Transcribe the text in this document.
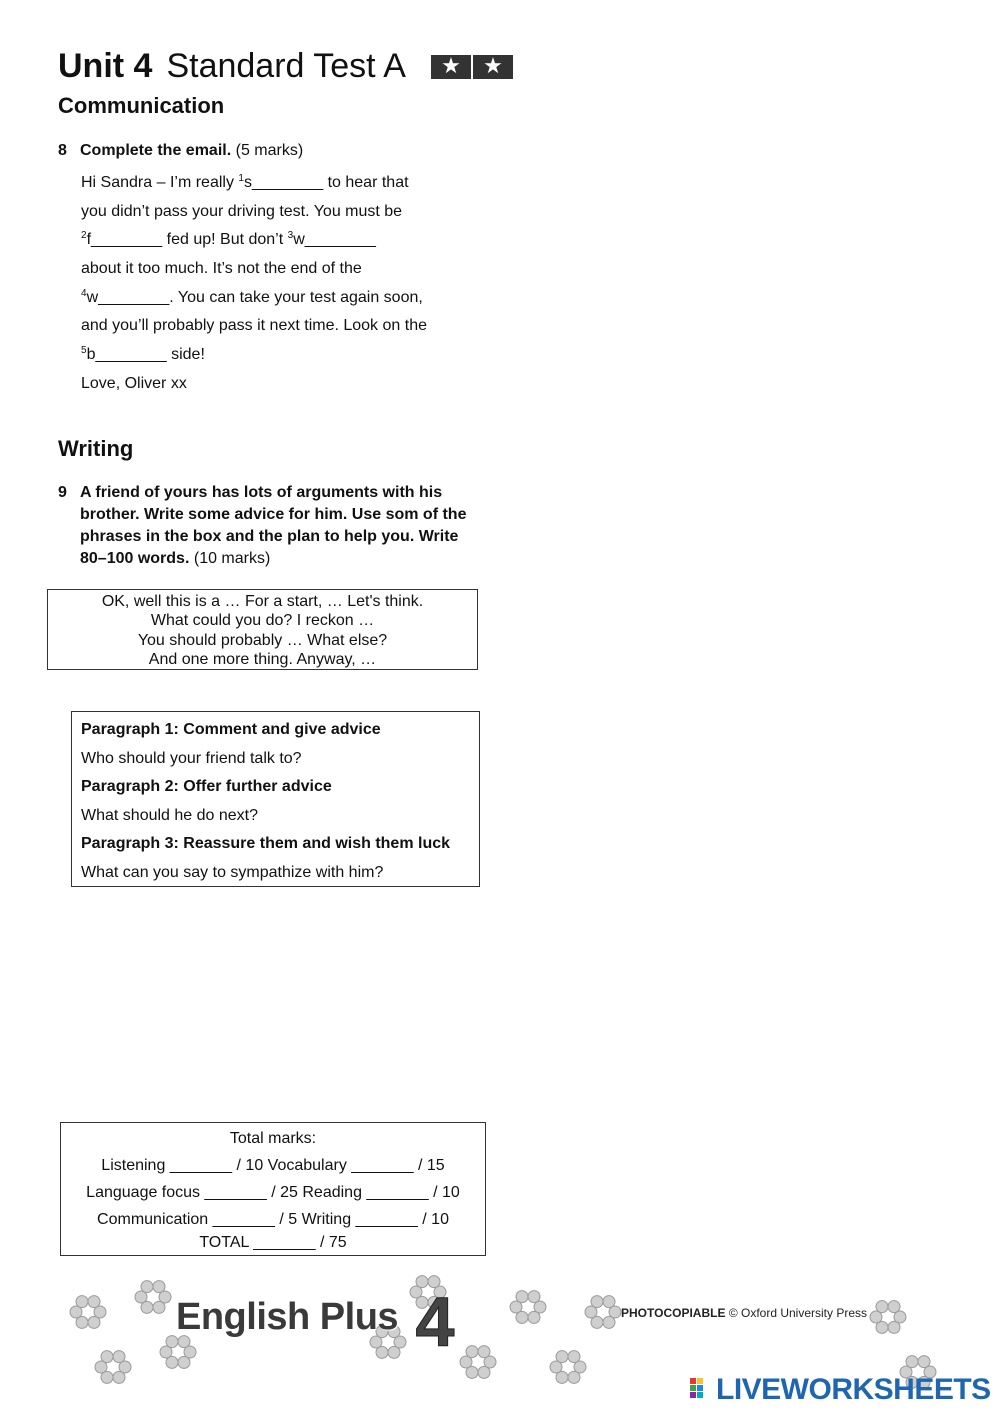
Unit 4 Standard Test A	★	★
Communication
8 Complete the email. (5 marks)
Hi Sandra – I’m really $^1$s________ to hear that
you didn’t pass your driving test. You must be
$^2$f________ fed up! But don’t $^3$w________
about it too much. It’s not the end of the
$^4$w________. You can take your test again soon,
and you’ll probably pass it next time. Look on the
$^5$b________ side!
Love, Oliver xx
Writing
9 A friend of yours has lots of arguments with his brother. Write some advice for him. Use som of the phrases in the box and the plan to help you. Write 80–100 words. (10 marks)
OK, well this is a … For a start, … Let's think.
What could you do? I reckon …
You should probably … What else?
And one more thing. Anyway, …
Paragraph 1: Comment and give advice
Who should your friend talk to?
Paragraph 2: Offer further advice
What should he do next?
Paragraph 3: Reassure them and wish them luck
What can you say to sympathize with him?
Total marks:
Listening _______ / 10 Vocabulary _______ / 15
Language focus _______ / 25 Reading _______ / 10
Communication _______ / 5 Writing _______ / 10
TOTAL _______ / 75
English Plus 4	PHOTOCOPIABLE © Oxford University Press
LIVEWORKSHEETS
